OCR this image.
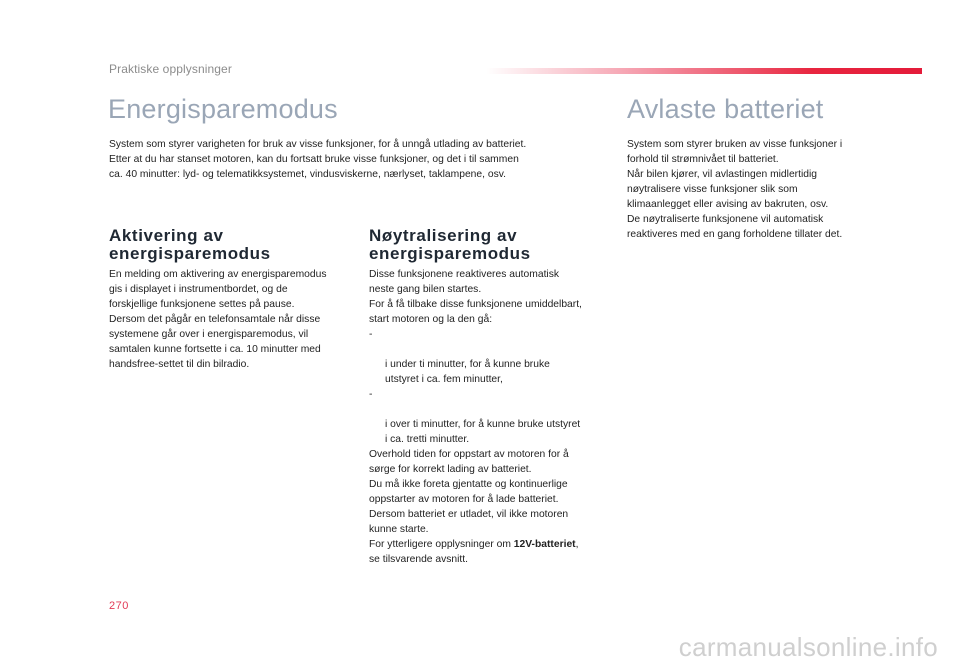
Praktiske opplysninger
Energisparemodus
System som styrer varigheten for bruk av visse funksjoner, for å unngå utlading av batteriet.
Etter at du har stanset motoren, kan du fortsatt bruke visse funksjoner, og det i til sammen
ca. 40 minutter: lyd- og telematikksystemet, vindusviskerne, nærlyset, taklampene, osv.
Aktivering av
energisparemodus
En melding om aktivering av energisparemodus
gis i displayet i instrumentbordet, og de
forskjellige funksjonene settes på pause.
Dersom det pågår en telefonsamtale når disse
systemene går over i energisparemodus, vil
samtalen kunne fortsette i ca. 10 minutter med
handsfree-settet til din bilradio.
Nøytralisering av
energisparemodus
Disse funksjonene reaktiveres automatisk
neste gang bilen startes.
For å få tilbake disse funksjonene umiddelbart,
start motoren og la den gå:

-

i under ti minutter, for å kunne bruke
utstyret i ca. fem minutter,

-

i over ti minutter, for å kunne bruke utstyret
i ca. tretti minutter.

Overhold tiden for oppstart av motoren for å
sørge for korrekt lading av batteriet.
Du må ikke foreta gjentatte og kontinuerlige
oppstarter av motoren for å lade batteriet.
Dersom batteriet er utladet, vil ikke motoren
kunne starte.
For ytterligere opplysninger om 12V-batteriet,
se tilsvarende avsnitt.
Avlaste batteriet
System som styrer bruken av visse funksjoner i
forhold til strømnivået til batteriet.
Når bilen kjører, vil avlastingen midlertidig
nøytralisere visse funksjoner slik som
klimaanlegget eller avising av bakruten, osv.
De nøytraliserte funksjonene vil automatisk
reaktiveres med en gang forholdene tillater det.
270
carmanualsonline.info
